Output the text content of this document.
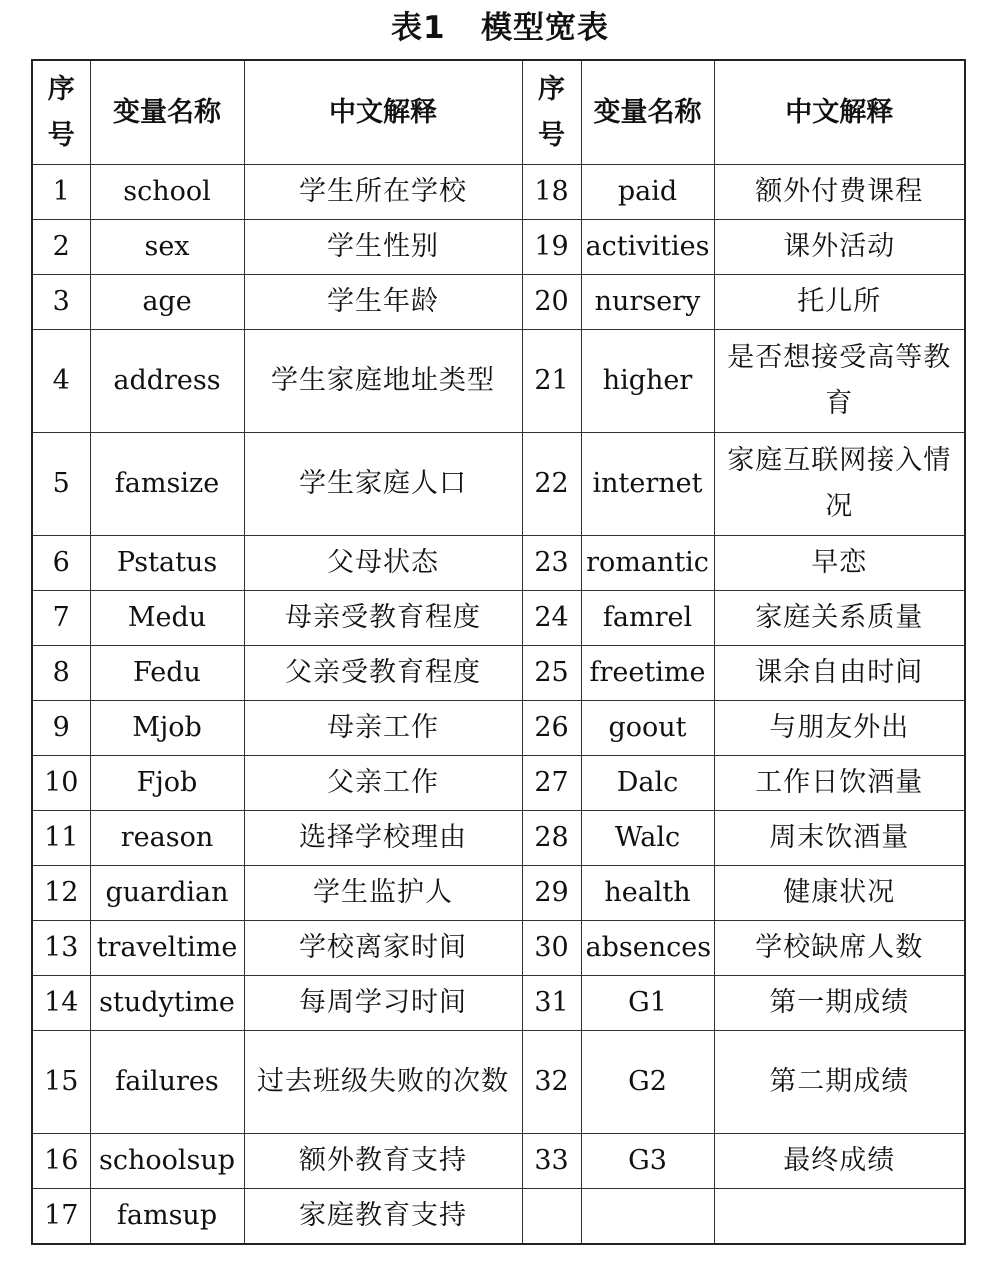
表1   模型宽表
序号	变量名称	中文解释	序号	变量名称	中文解释
1	school	学生所在学校	18	paid	额外付费课程
2	sex	学生性别	19	activities	课外活动
3	age	学生年龄	20	nursery	托儿所
4	address	学生家庭地址类型	21	higher	是否想接受高等教育
5	famsize	学生家庭人口	22	internet	家庭互联网接入情况
6	Pstatus	父母状态	23	romantic	早恋
7	Medu	母亲受教育程度	24	famrel	家庭关系质量
8	Fedu	父亲受教育程度	25	freetime	课余自由时间
9	Mjob	母亲工作	26	goout	与朋友外出
10	Fjob	父亲工作	27	Dalc	工作日饮酒量
11	reason	选择学校理由	28	Walc	周末饮酒量
12	guardian	学生监护人	29	health	健康状况
13	traveltime	学校离家时间	30	absences	学校缺席人数
14	studytime	每周学习时间	31	G1	第一期成绩
15	failures	过去班级失败的次数	32	G2	第二期成绩
16	schoolsup	额外教育支持	33	G3	最终成绩
17	famsup	家庭教育支持			
